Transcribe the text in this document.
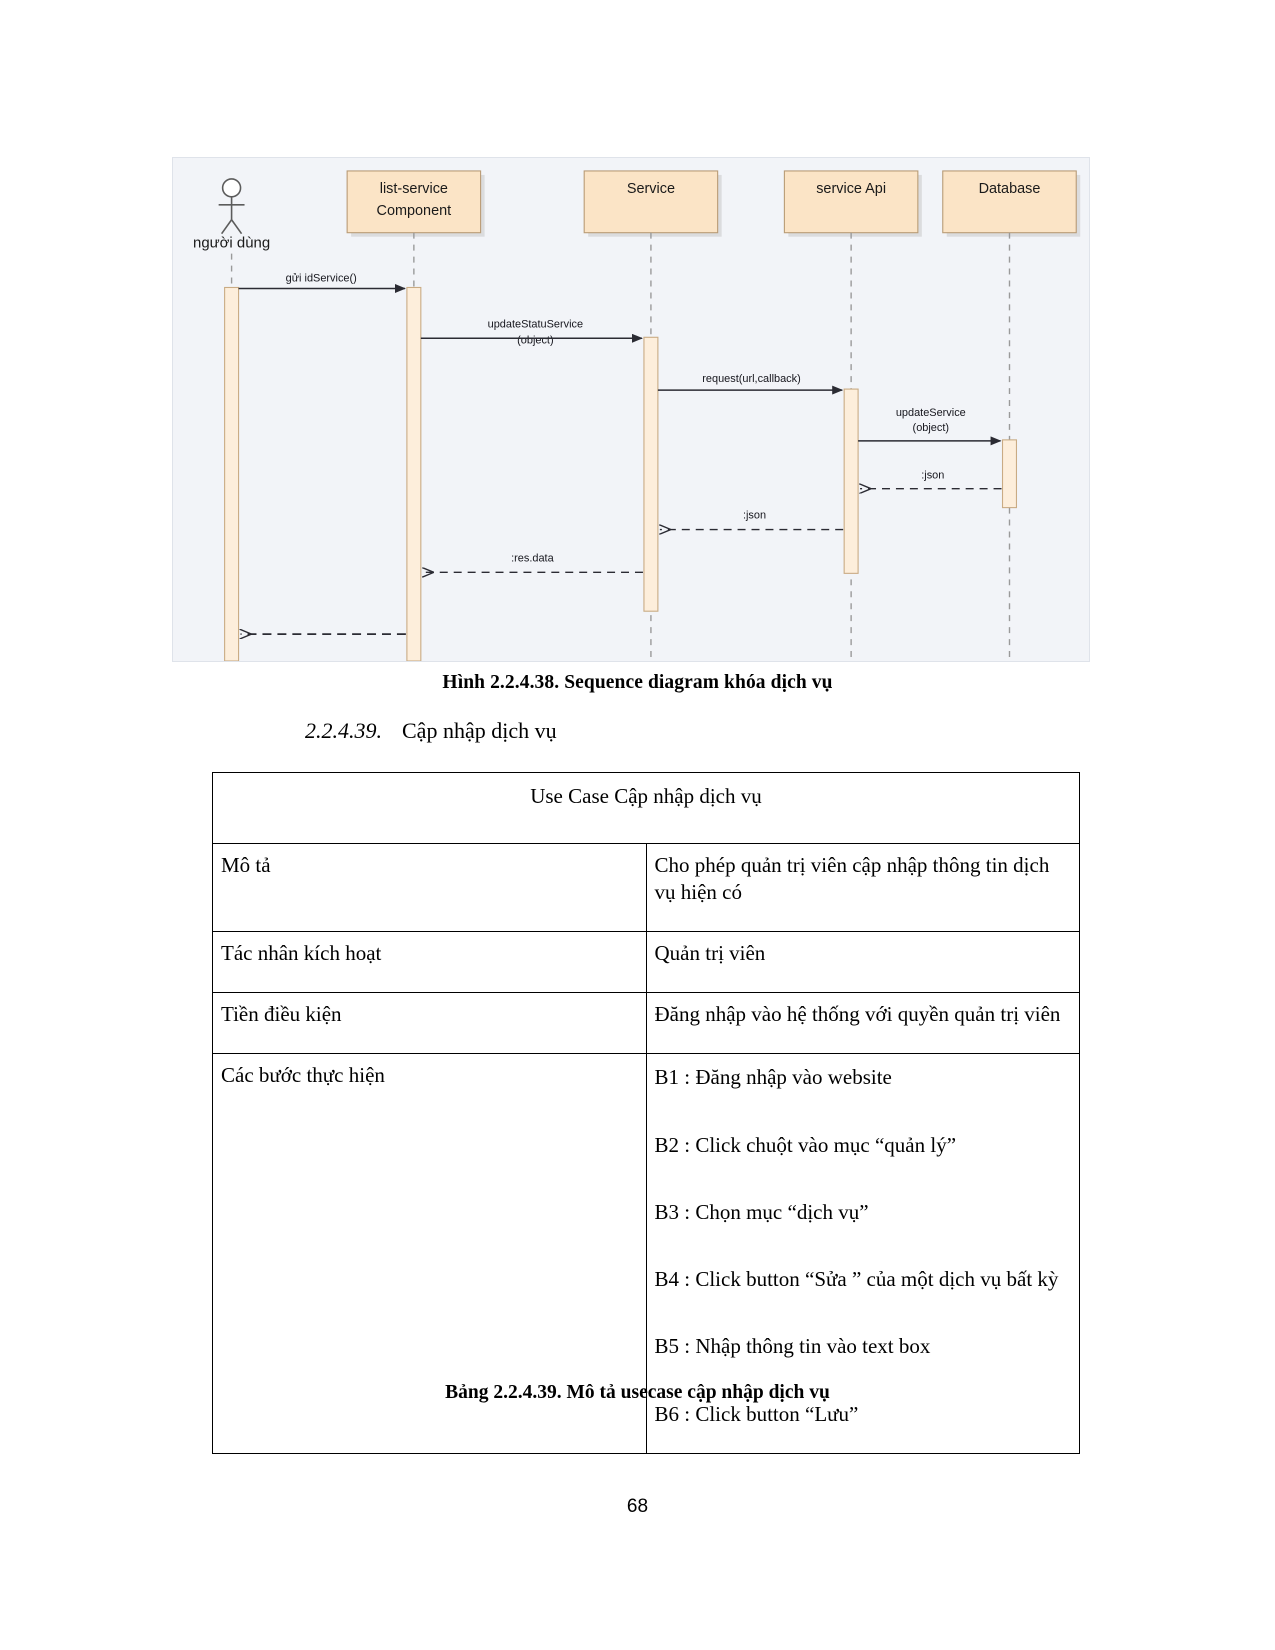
người dùng
list-service
Component
Service	service Api	Database
gửi idService()
updateStatuService
(object)
request(url,callback)
updateService
(object)
:json
:json
:res.data
Hình 2.2.4.38. Sequence diagram khóa dịch vụ
2.2.4.39. Cập nhập dịch vụ
Use Case Cập nhập dịch vụ	
Mô tả	Cho phép quản trị viên cập nhập thông tin dịch vụ hiện có
Tác nhân kích hoạt	Quản trị viên
Tiền điều kiện	Đăng nhập vào hệ thống với quyền quản trị viên
Các bước thực hiện	B1 : Đăng nhập vào website

B2 : Click chuột vào mục “quản lý”

B3 : Chọn mục “dịch vụ”

B4 : Click button “Sửa ” của một dịch vụ bất kỳ

B5 : Nhập thông tin vào text box

B6 : Click button “Lưu”

Bảng 2.2.4.39. Mô tả usecase cập nhập dịch vụ
68
